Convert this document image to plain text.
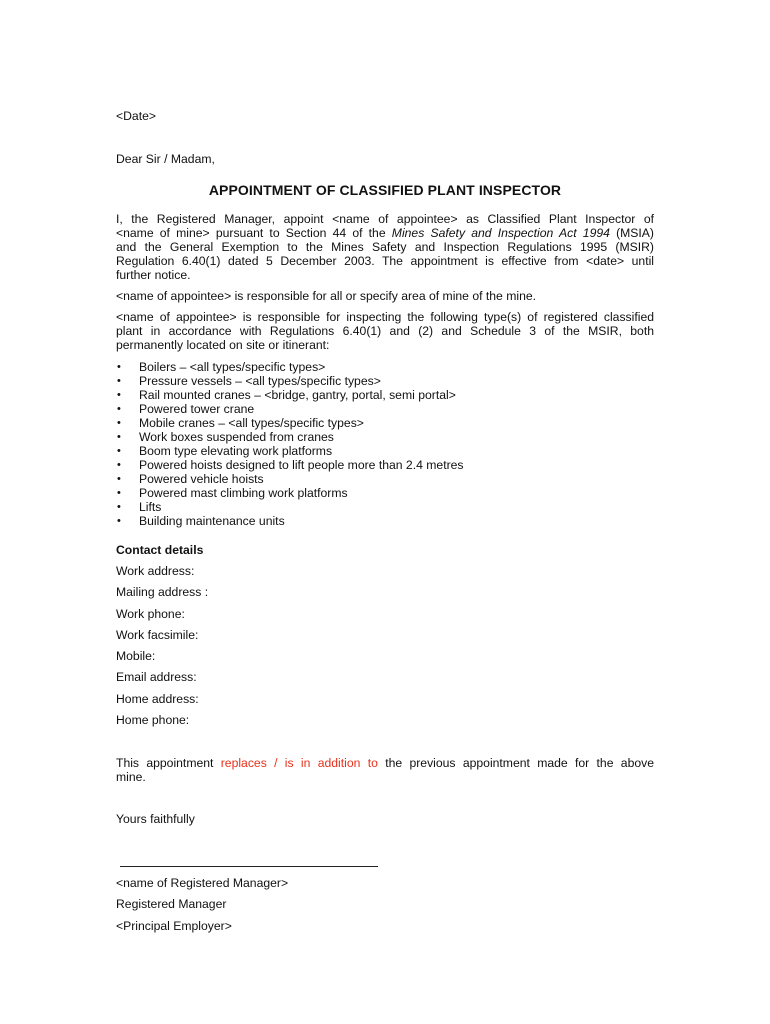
<Date>
Dear Sir / Madam,
APPOINTMENT OF CLASSIFIED PLANT INSPECTOR
I, the Registered Manager, appoint <name of appointee> as Classified Plant Inspector of
<name of mine> pursuant to Section 44 of the Mines Safety and Inspection Act 1994 (MSIA)
and the General Exemption to the Mines Safety and Inspection Regulations 1995 (MSIR)
Regulation 6.40(1) dated 5 December 2003. The appointment is effective from <date> until
further notice.
<name of appointee> is responsible for all or specify area of mine of the mine.
<name of appointee> is responsible for inspecting the following type(s) of registered classified
plant in accordance with Regulations 6.40(1) and (2) and Schedule 3 of the MSIR, both
permanently located on site or itinerant:
• Boilers – <all types/specific types>
• Pressure vessels – <all types/specific types>
• Rail mounted cranes – <bridge, gantry, portal, semi portal>
• Powered tower crane
• Mobile cranes – <all types/specific types>
• Work boxes suspended from cranes
• Boom type elevating work platforms
• Powered hoists designed to lift people more than 2.4 metres
• Powered vehicle hoists
• Powered mast climbing work platforms
• Lifts
• Building maintenance units
Contact details
Work address:
Mailing address :
Work phone:
Work facsimile:
Mobile:
Email address:
Home address:
Home phone:
This appointment replaces / is in addition to the previous appointment made for the above
mine.
Yours faithfully
<name of Registered Manager>
Registered Manager
<Principal Employer>
